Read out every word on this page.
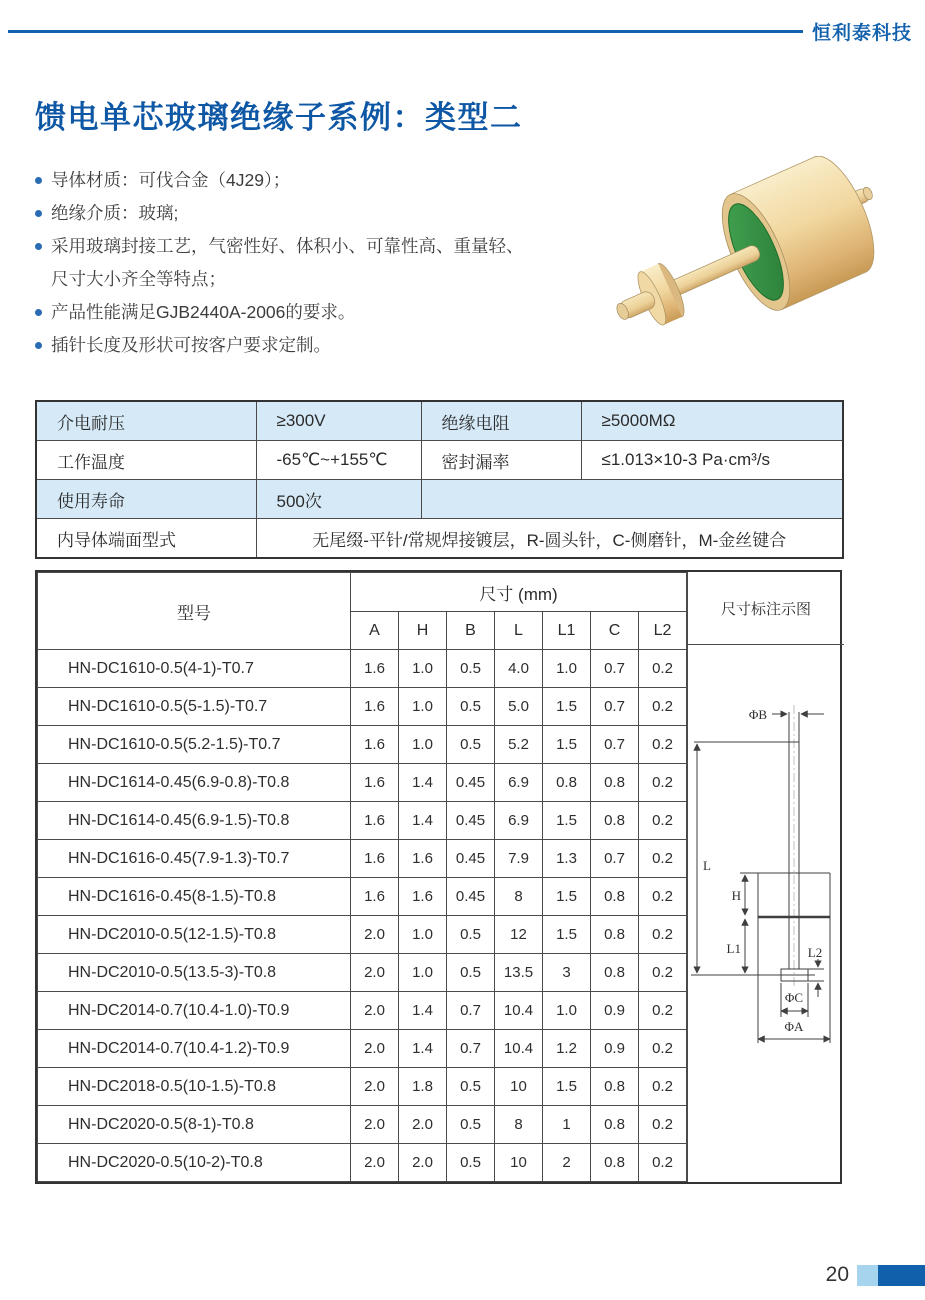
恒利泰科技
馈电单芯玻璃绝缘子系例：类型二
导体材质：可伐合金（4J29）；
绝缘介质：玻璃;
采用玻璃封接工艺，气密性好、体积小、可靠性高、重量轻、
尺寸大小齐全等特点；
产品性能满足GJB2440A-2006的要求。
插针长度及形状可按客户要求定制。
介电耐压	≥300V	绝缘电阻	≥5000MΩ
工作温度	-65℃~+155℃	密封漏率	≤1.013×10-3 Pa·cm³/s
使用寿命	500次		
内导体端面型式	无尾缀-平针/常规焊接镀层，R-圆头针，C-侧磨针，M-金丝键合		
型号	尺寸 (mm)						
	A	H	B	L	L1	C	L2
HN-DC1610-0.5(4-1)-T0.7	1.6	1.0	0.5	4.0	1.0	0.7	0.2
HN-DC1610-0.5(5-1.5)-T0.7	1.6	1.0	0.5	5.0	1.5	0.7	0.2
HN-DC1610-0.5(5.2-1.5)-T0.7	1.6	1.0	0.5	5.2	1.5	0.7	0.2
HN-DC1614-0.45(6.9-0.8)-T0.8	1.6	1.4	0.45	6.9	0.8	0.8	0.2
HN-DC1614-0.45(6.9-1.5)-T0.8	1.6	1.4	0.45	6.9	1.5	0.8	0.2
HN-DC1616-0.45(7.9-1.3)-T0.7	1.6	1.6	0.45	7.9	1.3	0.7	0.2
HN-DC1616-0.45(8-1.5)-T0.8	1.6	1.6	0.45	8	1.5	0.8	0.2
HN-DC2010-0.5(12-1.5)-T0.8	2.0	1.0	0.5	12	1.5	0.8	0.2
HN-DC2010-0.5(13.5-3)-T0.8	2.0	1.0	0.5	13.5	3	0.8	0.2
HN-DC2014-0.7(10.4-1.0)-T0.9	2.0	1.4	0.7	10.4	1.0	0.9	0.2
HN-DC2014-0.7(10.4-1.2)-T0.9	2.0	1.4	0.7	10.4	1.2	0.9	0.2
HN-DC2018-0.5(10-1.5)-T0.8	2.0	1.8	0.5	10	1.5	0.8	0.2
HN-DC2020-0.5(8-1)-T0.8	2.0	2.0	0.5	8	1	0.8	0.2
HN-DC2020-0.5(10-2)-T0.8	2.0	2.0	0.5	10	2	0.8	0.2
尺寸标注示图
ΦB
L
H
L1	L2
ΦC
ΦA
20
